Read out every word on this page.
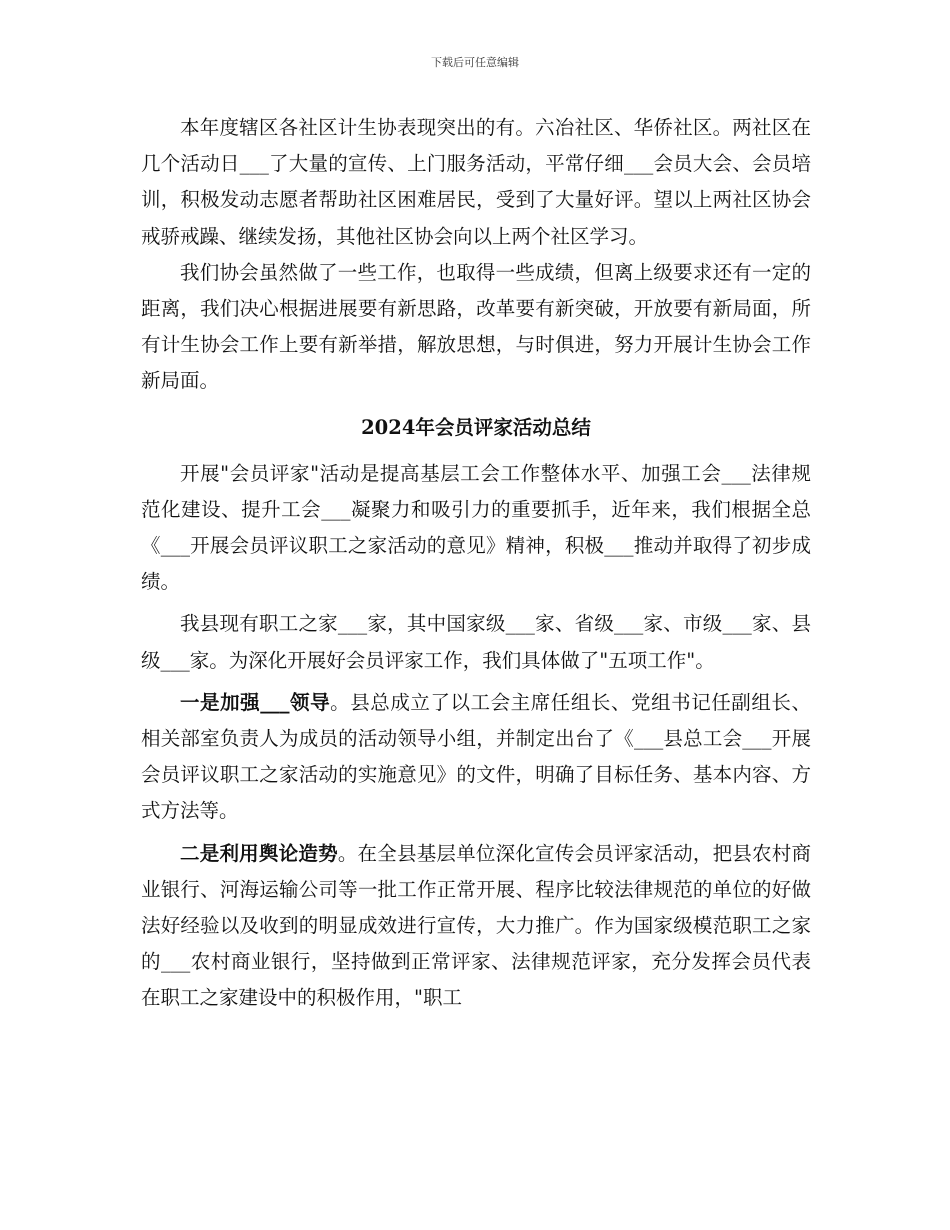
下载后可任意编辑

本年度辖区各社区计生协表现突出的有。六冶社区、华侨社区。两社区在几个活动日___了大量的宣传、上门服务活动，平常仔细___会员大会、会员培训，积极发动志愿者帮助社区困难居民，受到了大量好评。望以上两社区协会戒骄戒躁、继续发扬，其他社区协会向以上两个社区学习。

我们协会虽然做了一些工作，也取得一些成绩，但离上级要求还有一定的距离，我们决心根据进展要有新思路，改革要有新突破，开放要有新局面，所有计生协会工作上要有新举措，解放思想，与时俱进，努力开展计生协会工作新局面。

2024年会员评家活动总结

开展"会员评家"活动是提高基层工会工作整体水平、加强工会___法律规范化建设、提升工会___凝聚力和吸引力的重要抓手，近年来，我们根据全总《___开展会员评议职工之家活动的意见》精神，积极___推动并取得了初步成绩。

我县现有职工之家___家，其中国家级___家、省级___家、市级___家、县级___家。为深化开展好会员评家工作，我们具体做了"五项工作"。

一是加强___领导。县总成立了以工会主席任组长、党组书记任副组长、相关部室负责人为成员的活动领导小组，并制定出台了《___县总工会___开展会员评议职工之家活动的实施意见》的文件，明确了目标任务、基本内容、方式方法等。

二是利用舆论造势。在全县基层单位深化宣传会员评家活动，把县农村商业银行、河海运输公司等一批工作正常开展、程序比较法律规范的单位的好做法好经验以及收到的明显成效进行宣传，大力推广。作为国家级模范职工之家的___农村商业银行，坚持做到正常评家、法律规范评家，充分发挥会员代表在职工之家建设中的积极作用，"职工
